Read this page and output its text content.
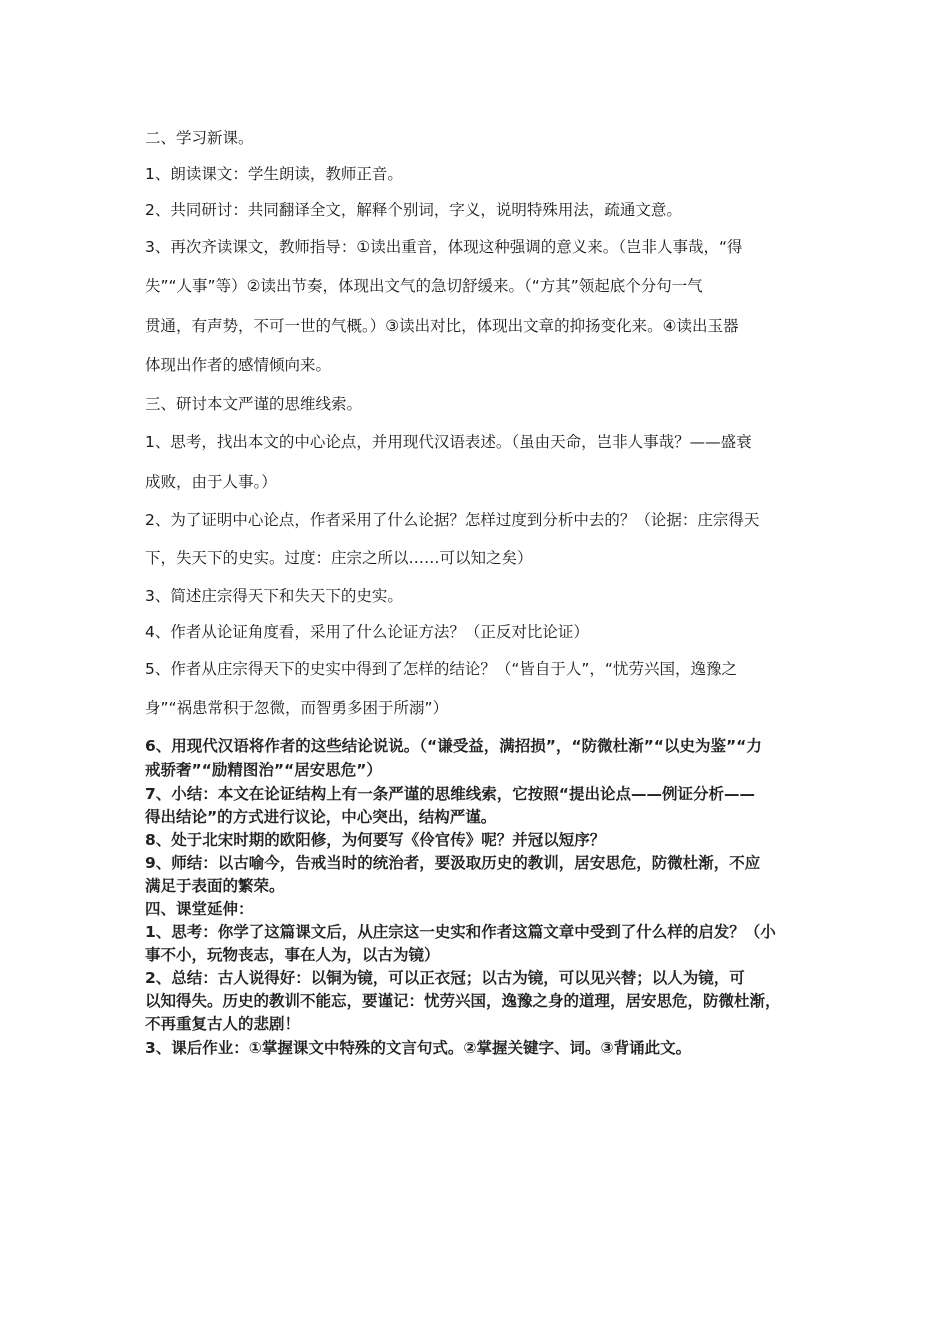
二、学习新课。

1、朗读课文：学生朗读，教师正音。

2、共同研讨：共同翻译全文，解释个别词，字义，说明特殊用法，疏通文意。

3、再次齐读课文，教师指导：①读出重音，体现这种强调的意义来。（岂非人事哉，“得

失”“人事”等）②读出节奏，体现出文气的急切舒缓来。（“方其”领起底个分句一气

贯通，有声势，不可一世的气概。）③读出对比，体现出文章的抑扬变化来。④读出玉器

体现出作者的感情倾向来。

三、研讨本文严谨的思维线索。

1、思考，找出本文的中心论点，并用现代汉语表述。（虽由天命，岂非人事哉？——盛衰

成败，由于人事。）

2、为了证明中心论点，作者采用了什么论据？怎样过度到分析中去的？（论据：庄宗得天

下，失天下的史实。过度：庄宗之所以……可以知之矣）

3、简述庄宗得天下和失天下的史实。

4、作者从论证角度看，采用了什么论证方法？（正反对比论证）

5、作者从庄宗得天下的史实中得到了怎样的结论？（“皆自于人”，“忧劳兴国，逸豫之

身”“祸患常积于忽微，而智勇多困于所溺”）

6、用现代汉语将作者的这些结论说说。（“谦受益，满招损”，“防微杜渐”“以史为鉴”“力

戒骄奢”“励精图治”“居安思危”）

7、小结：本文在论证结构上有一条严谨的思维线索，它按照“提出论点——例证分析——

得出结论”的方式进行议论，中心突出，结构严谨。

8、处于北宋时期的欧阳修，为何要写《伶官传》呢？并冠以短序？

9、师结：以古喻今，告戒当时的统治者，要汲取历史的教训，居安思危，防微杜渐，不应

满足于表面的繁荣。

四、课堂延伸：

1、思考：你学了这篇课文后，从庄宗这一史实和作者这篇文章中受到了什么样的启发？（小

事不小，玩物丧志，事在人为，以古为镜）

2、总结：古人说得好：以铜为镜，可以正衣冠；以古为镜，可以见兴替；以人为镜，可

以知得失。历史的教训不能忘，要谨记：忧劳兴国，逸豫之身的道理，居安思危，防微杜渐，

不再重复古人的悲剧！

3、课后作业：①掌握课文中特殊的文言句式。②掌握关键字、词。③背诵此文。
